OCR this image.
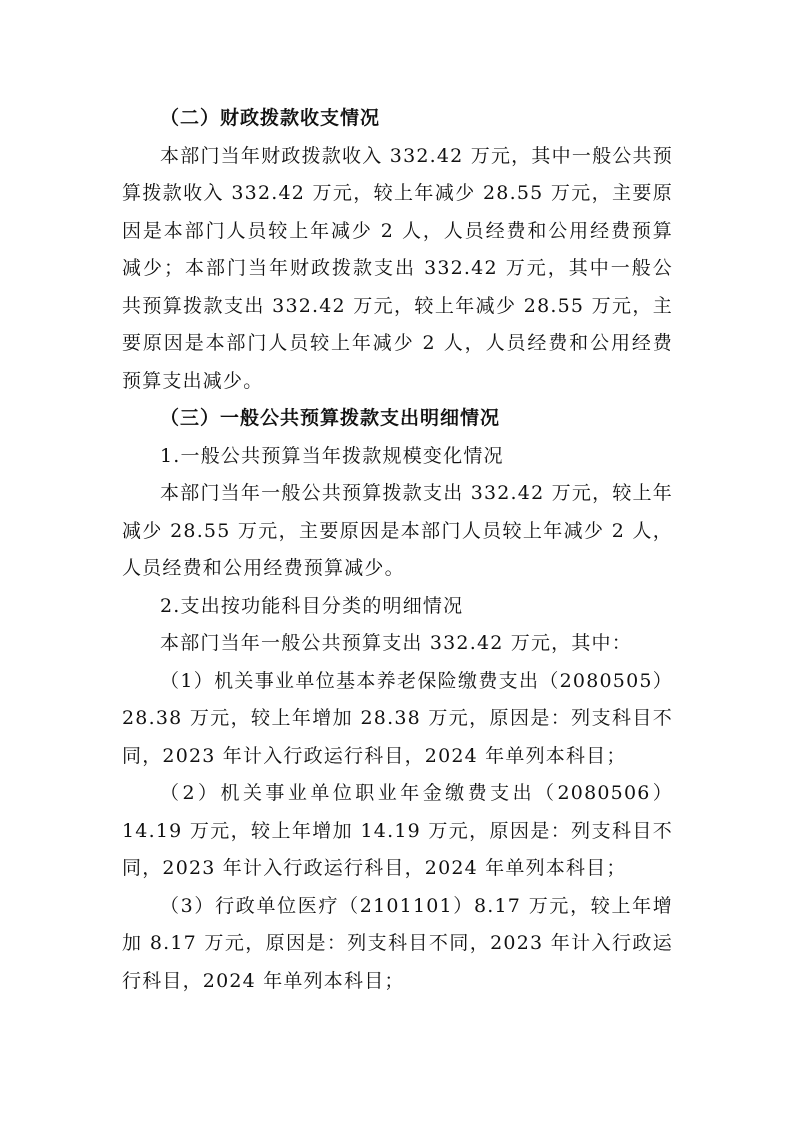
（二）财政拨款收支情况

本部门当年财政拨款收入 332.42 万元，其中一般公共预算拨款收入 332.42 万元，较上年减少 28.55 万元，主要原因是本部门人员较上年减少 2 人，人员经费和公用经费预算减少；本部门当年财政拨款支出 332.42 万元，其中一般公共预算拨款支出 332.42 万元，较上年减少 28.55 万元，主要原因是本部门人员较上年减少 2 人，人员经费和公用经费预算支出减少。

（三）一般公共预算拨款支出明细情况

1.一般公共预算当年拨款规模变化情况

本部门当年一般公共预算拨款支出 332.42 万元，较上年减少 28.55 万元，主要原因是本部门人员较上年减少 2 人，人员经费和公用经费预算减少。

2.支出按功能科目分类的明细情况

本部门当年一般公共预算支出 332.42 万元，其中：

（1）机关事业单位基本养老保险缴费支出（2080505）28.38 万元，较上年增加 28.38 万元，原因是：列支科目不同，2023 年计入行政运行科目，2024 年单列本科目；

（2）机关事业单位职业年金缴费支出（2080506）14.19 万元，较上年增加 14.19 万元，原因是：列支科目不同，2023 年计入行政运行科目，2024 年单列本科目；

（3）行政单位医疗（2101101）8.17 万元，较上年增加 8.17 万元，原因是：列支科目不同，2023 年计入行政运行科目，2024 年单列本科目；
